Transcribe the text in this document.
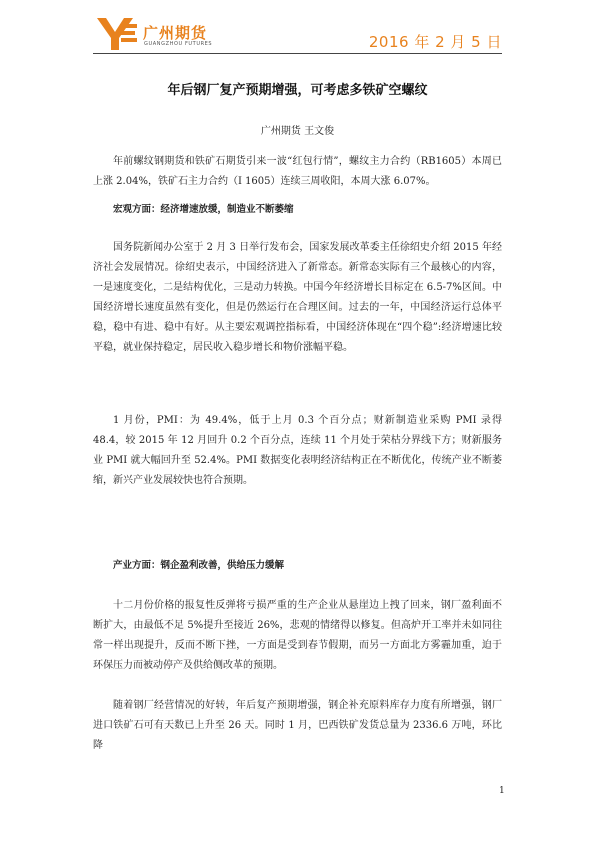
广州期货
GUANGZHOU FUTURES	2016 年 2 月 5 日
年后钢厂复产预期增强，可考虑多铁矿空螺纹
广州期货 王文俊

年前螺纹钢期货和铁矿石期货引来一波“红包行情”，螺纹主力合约（RB1605）本周已上涨 2.04%，铁矿石主力合约（I 1605）连续三周收阳，本周大涨 6.07%。

宏观方面：经济增速放缓，制造业不断萎缩

国务院新闻办公室于 2 月 3 日举行发布会，国家发展改革委主任徐绍史介绍 2015 年经济社会发展情况。徐绍史表示，中国经济进入了新常态。新常态实际有三个最核心的内容，一是速度变化，二是结构优化，三是动力转换。中国今年经济增长目标定在 6.5-7%区间。中国经济增长速度虽然有变化，但是仍然运行在合理区间。过去的一年，中国经济运行总体平稳，稳中有进、稳中有好。从主要宏观调控指标看，中国经济体现在“四个稳”:经济增速比较平稳，就业保持稳定，居民收入稳步增长和物价涨幅平稳。

1 月份，PMI：为 49.4%，低于上月 0.3 个百分点；财新制造业采购 PMI 录得 48.4，较 2015 年 12 月回升 0.2 个百分点，连续 11 个月处于荣枯分界线下方；财新服务业 PMI 就大幅回升至 52.4%。PMI 数据变化表明经济结构正在不断优化，传统产业不断萎缩，新兴产业发展较快也符合预期。

产业方面：钢企盈利改善，供给压力缓解

十二月份价格的报复性反弹将亏损严重的生产企业从悬崖边上拽了回来，钢厂盈利面不断扩大，由最低不足 5%提升至接近 26%，悲观的情绪得以修复。但高炉开工率并未如同往常一样出现提升，反而不断下挫，一方面是受到春节假期，而另一方面北方雾霾加重，迫于环保压力而被动停产及供给侧改革的预期。

随着钢厂经营情况的好转，年后复产预期增强，钢企补充原料库存力度有所增强，钢厂进口铁矿石可有天数已上升至 26 天。同时 1 月，巴西铁矿发货总量为 2336.6 万吨，环比降

1
